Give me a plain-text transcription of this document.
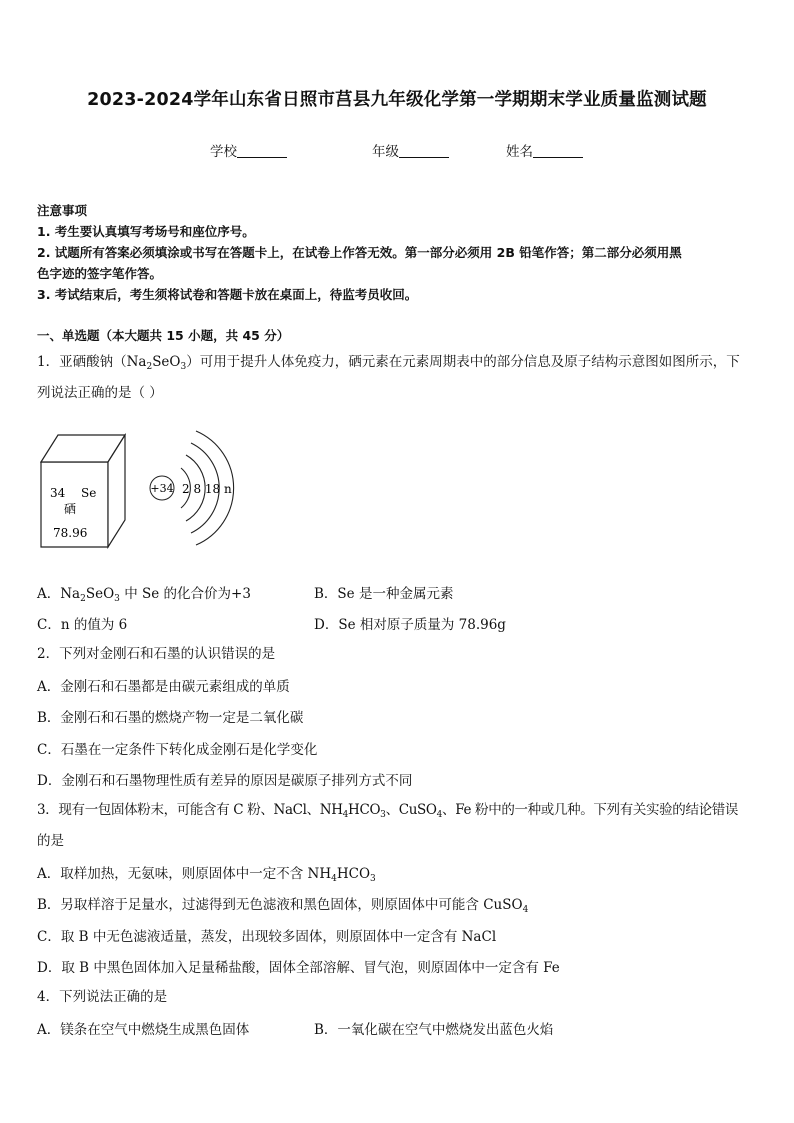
2023-2024学年山东省日照市莒县九年级化学第一学期期末学业质量监测试题
学校	年级	姓名
注意事项
1. 考生要认真填写考场号和座位序号。
2. 试题所有答案必须填涂或书写在答题卡上，在试卷上作答无效。第一部分必须用 2B 铅笔作答；第二部分必须用黑
色字迹的签字笔作答。
3. 考试结束后，考生须将试卷和答题卡放在桌面上，待监考员收回。
一、单选题（本大题共 15 小题，共 45 分）
1．亚硒酸钠$(Na_2SeO_3)$可用于提升人体免疫力，硒元素在元素周期表中的部分信息及原子结构示意图如图所示，下
列说法正确的是（ ）
34 Se
硒
78.96
+34 2 8 18 n
A．$Na_2SeO_3$ 中 Se 的化合价为+3	B．Se 是一种金属元素
C．n 的值为 6	D．Se 相对原子质量为 78.96g
2．下列对金刚石和石墨的认识错误的是
A．金刚石和石墨都是由碳元素组成的单质
B．金刚石和石墨的燃烧产物一定是二氧化碳
C．石墨在一定条件下转化成金刚石是化学变化
D．金刚石和石墨物理性质有差异的原因是碳原子排列方式不同
3．现有一包固体粉末，可能含有 C 粉、NaCl、$NH_4HCO_3$、CuSO$_4$、Fe 粉中的一种或几种。下列有关实验的结论错误
的是
A．取样加热，无氨味，则原固体中一定不含 $NH_4HCO_3$
B．另取样溶于足量水，过滤得到无色滤液和黑色固体，则原固体中可能含 CuSO$_4$
C．取 B 中无色滤液适量，蒸发，出现较多固体，则原固体中一定含有 NaCl
D．取 B 中黑色固体加入足量稀盐酸，固体全部溶解、冒气泡，则原固体中一定含有 Fe
4．下列说法正确的是
A．镁条在空气中燃烧生成黑色固体	B．一氧化碳在空气中燃烧发出蓝色火焰
